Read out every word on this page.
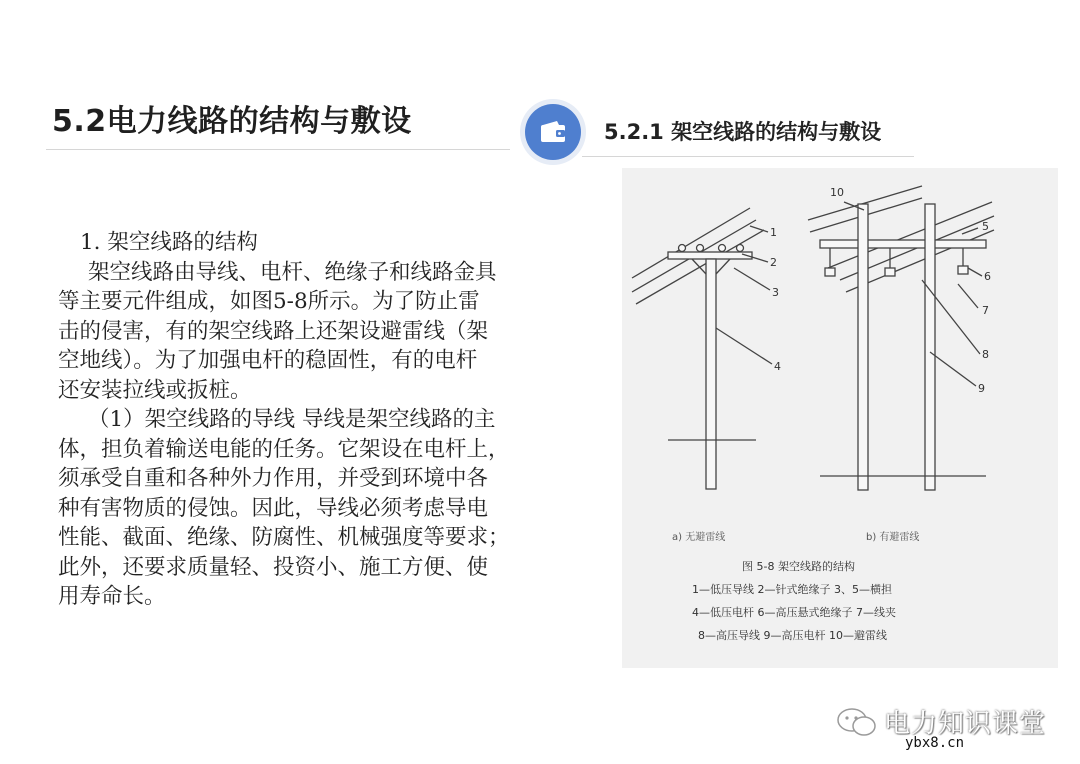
5.2电力线路的结构与敷设	5.2.1 架空线路的结构与敷设

1. 架空线路的结构

架空线路由导线、电杆、绝缘子和线路金具

等主要元件组成，如图5-8所示。为了防止雷

击的侵害，有的架空线路上还架设避雷线（架

空地线）。为了加强电杆的稳固性，有的电杆

还安装拉线或扳桩。

（1）架空线路的导线 导线是架空线路的主

体，担负着输送电能的任务。它架设在电杆上，

须承受自重和各种外力作用，并受到环境中各

种有害物质的侵蚀。因此，导线必须考虑导电

性能、截面、绝缘、防腐性、机械强度等要求；

此外，还要求质量轻、投资小、施工方便、使

用寿命长。

1
2
3
4
10
5
6
7
8
9
a) 无避雷线	b) 有避雷线
图 5-8 架空线路的结构
1—低压导线 2—针式绝缘子 3、5—横担
4—低压电杆 6—高压悬式绝缘子 7—线夹
8—高压导线 9—高压电杆 10—避雷线
电力知识课堂
ybx8.cn
